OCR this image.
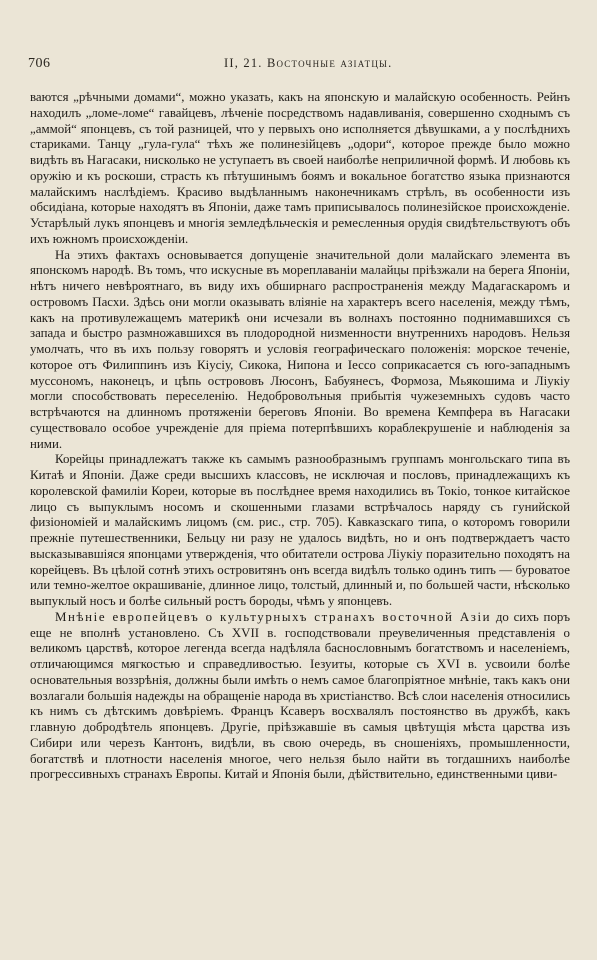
706	II, 21. Восточные азiатцы.

ваются „рѣчными домами“, можно указать, какъ на японскую и малайскую особенность. Рейнъ находилъ „ломе-ломе“ гавайцевъ, лѣченiе посредствомъ надавливанiя, совершенно сходнымъ съ „аммой“ японцевъ, съ той разницей, что у первыхъ оно исполняется дѣвушками, а у послѣднихъ стариками. Танцу „гула-гула“ тѣхъ же полинезiйцевъ „одори“, которое прежде было можно видѣть въ Нагасаки, нисколько не уступаетъ въ своей наиболѣе неприличной формѣ. И любовь къ оружiю и къ роскоши, страсть къ пѣтушинымъ боямъ и вокальное богатство языка признаются малайскимъ наслѣдiемъ. Красиво выдѣланнымъ наконечникамъ стрѣлъ, въ особенности изъ обсидiана, которые находятъ въ Японiи, даже тамъ приписывалось полинезiйское происхожденiе. Устарѣлый лукъ японцевъ и многiя земледѣльческiя и ремесленныя орудiя свидѣтельствуютъ объ ихъ южномъ происхожденiи.

На этихъ фактахъ основывается допущенiе значительной доли малайскаго элемента въ японскомъ народѣ. Въ томъ, что искусные въ мореплаванiи малайцы прiѣзжали на берега Японiи, нѣтъ ничего невѣроятнаго, въ виду ихъ обширнаго распространенiя между Мадагаскаромъ и островомъ Пасхи. Здѣсь они могли оказывать влiянiе на характеръ всего населенiя, между тѣмъ, какъ на противулежащемъ материкѣ они исчезали въ волнахъ постоянно поднимавшихся съ запада и быстро размножавшихся въ плодородной низменности внутреннихъ народовъ. Нельзя умолчать, что въ ихъ пользу говорятъ и условiя географическаго положенiя: морское теченiе, которое отъ Филиппинъ изъ Кiусiу, Сикока, Нипона и Iессо соприкасается съ юго-западнымъ муссономъ, наконецъ, и цѣпь острововъ Люсонъ, Бабуянесъ, Формоза, Мьякошима и Лiукiу могли способствовать переселенiю. Недоброволъныя прибытiя чужеземныхъ судовъ часто встрѣчаются на длинномъ протяженiи береговъ Японiи. Во времена Кемпфера въ Нагасаки существовало особое учрежденiе для прiема потерпѣвшихъ кораблекрушенiе и наблюденiя за ними.

Корейцы принадлежатъ также къ самымъ разнообразнымъ группамъ монгольскаго типа въ Китаѣ и Японiи. Даже среди высшихъ классовъ, не исключая и пословъ, принадлежащихъ къ королевской фамилiи Кореи, которые въ послѣднее время находились въ Токiо, тонкое китайское лицо съ выпуклымъ носомъ и скошенными глазами встрѣчалось наряду съ гунийской физiономiей и малайскимъ лицомъ (см. рис., стр. 705). Кавказскаго типа, о которомъ говорили прежнiе путешественники, Бельцу ни разу не удалось видѣть, но и онъ подтверждаетъ часто высказывавшiяся японцами утвержденiя, что обитатели острова Лiукiу поразительно походятъ на корейцевъ. Въ цѣлой сотнѣ этихъ островитянъ онъ всегда видѣлъ только одинъ типъ — буроватое или темно-желтое окрашиванiе, длинное лицо, толстый, длинный и, по большей части, нѣсколько выпуклый носъ и болѣе сильный ростъ бороды, чѣмъ у японцевъ.

Мнѣнiе европейцевъ о культурныхъ странахъ восточной Азiи до сихъ поръ еще не вполнѣ установлено. Съ XVII в. господствовали преувеличенныя представленiя о великомъ царствѣ, которое легенда всегда надѣляла баснословнымъ богатствомъ и населенiемъ, отличающимся мягкостью и справедливостью. Iезуиты, которые съ XVI в. усвоили болѣе основательныя воззрѣнiя, должны были имѣть о немъ самое благопрiятное мнѣнiе, такъ какъ они возлагали большiя надежды на обращенiе народа въ христiанство. Всѣ слои населенiя относились къ нимъ съ дѣтскимъ довѣрiемъ. Францъ Ксаверъ восхвалялъ постоянство въ дружбѣ, какъ главную добродѣтель японцевъ. Другiе, прiѣзжавшiе въ самыя цвѣтущiя мѣста царства изъ Сибири или черезъ Кантонъ, видѣли, въ свою очередь, въ сношенiяхъ, промышленности, богатствѣ и плотности населенiя многое, чего нельзя было найти въ тогдашнихъ наиболѣе прогрессивныхъ странахъ Европы. Китай и Японiя были, дѣйствительно, единственными циви-
